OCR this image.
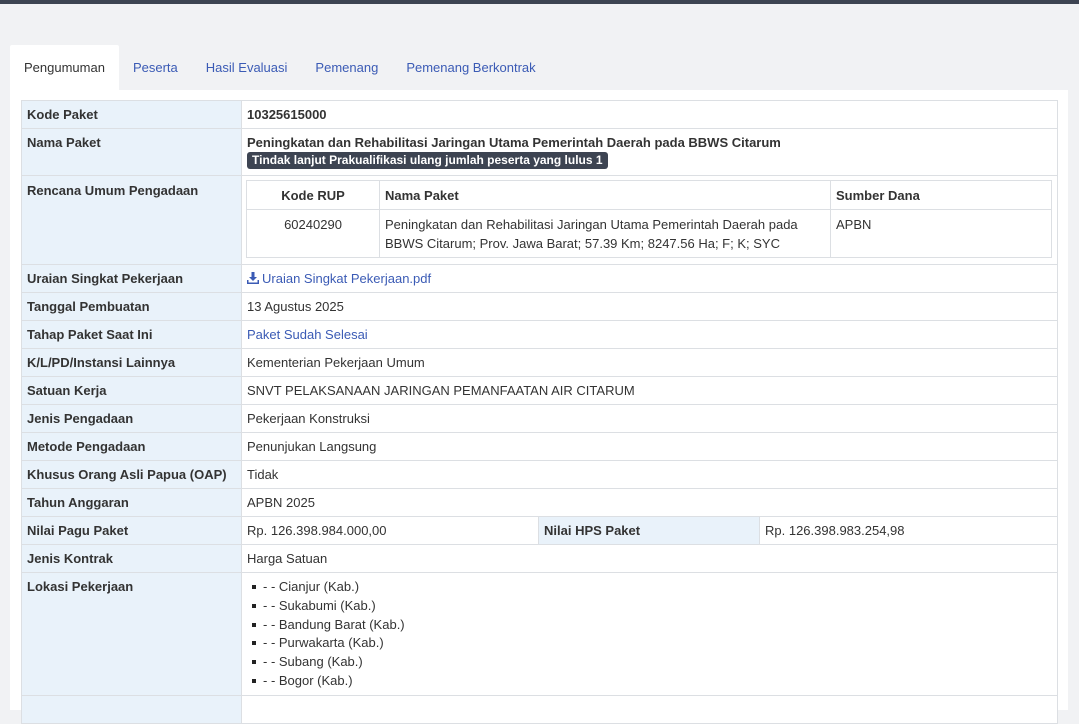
Pengumuman	Peserta	Hasil Evaluasi	Pemenang	Pemenang Berkontrak
Kode Paket	10325615000
Nama Paket	Peningkatan dan Rehabilitasi Jaringan Utama Pemerintah Daerah pada BBWS Citarum
Tindak lanjut Prakualifikasi ulang jumlah peserta yang lulus 1
Rencana Umum Pengadaan		Kode RUP	Nama Paket	Sumber Dana
60240290	Peningkatan dan Rehabilitasi Jaringan Utama Pemerintah Daerah pada BBWS Citarum; Prov. Jawa Barat; 57.39 Km; 8247.56 Ha; F; K; SYC	APBN

Uraian Singkat Pekerjaan	Uraian Singkat Pekerjaan.pdf
Tanggal Pembuatan	13 Agustus 2025
Tahap Paket Saat Ini	Paket Sudah Selesai
K/L/PD/Instansi Lainnya	Kementerian Pekerjaan Umum
Satuan Kerja	SNVT PELAKSANAAN JARINGAN PEMANFAATAN AIR CITARUM
Jenis Pengadaan	Pekerjaan Konstruksi
Metode Pengadaan	Penunjukan Langsung
Khusus Orang Asli Papua (OAP)	Tidak
Tahun Anggaran	APBN 2025
Nilai Pagu Paket	Rp. 126.398.984.000,00	Nilai HPS Paket	Rp. 126.398.983.254,98
Jenis Kontrak	Harga Satuan
Lokasi Pekerjaan	- - Cianjur (Kab.)
- - Sukabumi (Kab.)
- - Bandung Barat (Kab.)
- - Purwakarta (Kab.)
- - Subang (Kab.)
- - Bogor (Kab.)
